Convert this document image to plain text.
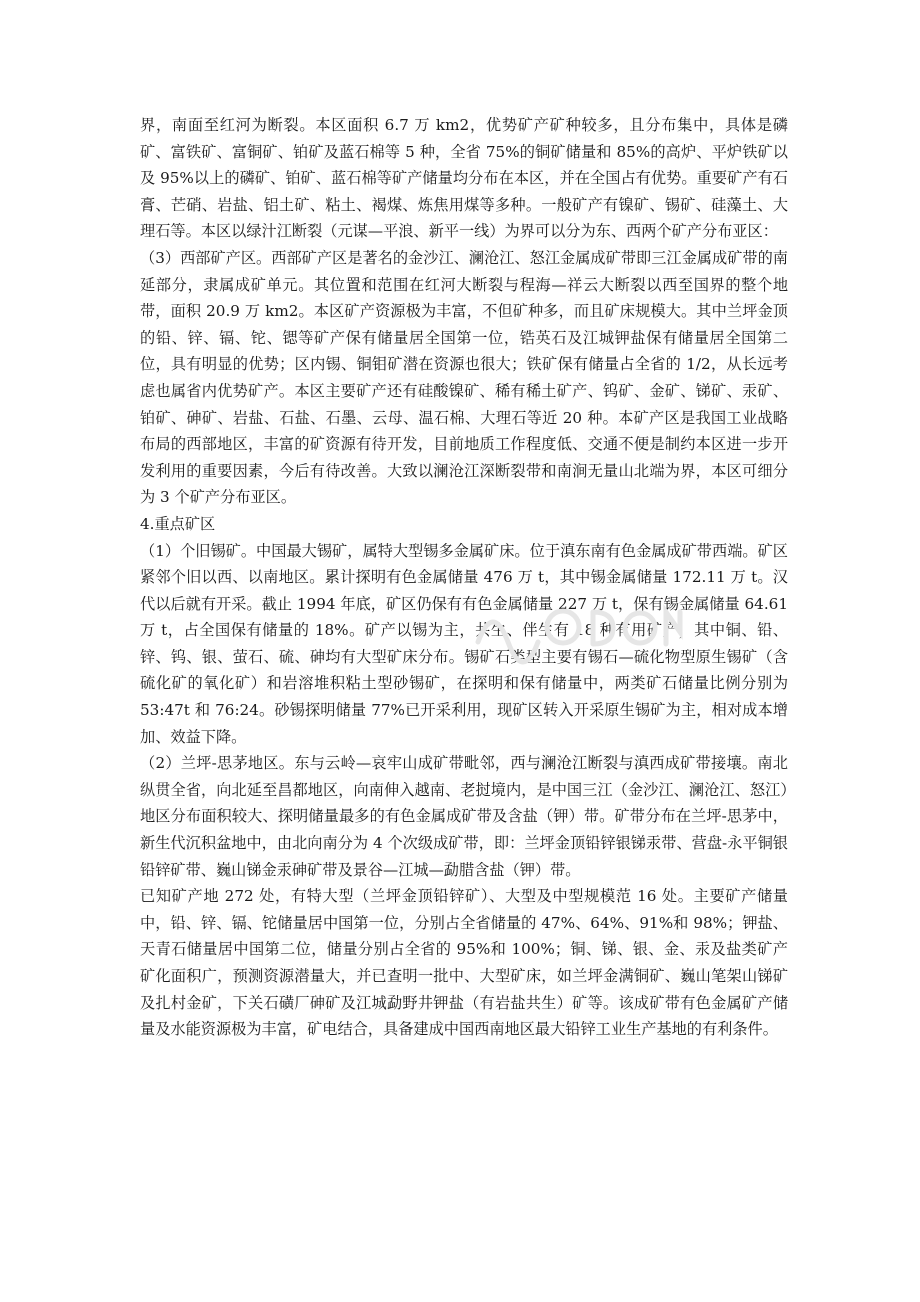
界，南面至红河为断裂。本区面积 6.7 万 km2，优势矿产矿种较多，且分布集中，具体是磷矿、富铁矿、富铜矿、铂矿及蓝石棉等 5 种，全省 75%的铜矿储量和 85%的高炉、平炉铁矿以及 95%以上的磷矿、铂矿、蓝石棉等矿产储量均分布在本区，并在全国占有优势。重要矿产有石膏、芒硝、岩盐、铝土矿、粘土、褐煤、炼焦用煤等多种。一般矿产有镍矿、锡矿、硅藻土、大理石等。本区以绿汁江断裂（元谋—平浪、新平一线）为界可以分为东、西两个矿产分布亚区：

（3）西部矿产区。西部矿产区是著名的金沙江、澜沧江、怒江金属成矿带即三江金属成矿带的南延部分，隶属成矿单元。其位置和范围在红河大断裂与程海—祥云大断裂以西至国界的整个地带，面积 20.9 万 km2。本区矿产资源极为丰富，不但矿种多，而且矿床规模大。其中兰坪金顶的铅、锌、镉、铊、锶等矿产保有储量居全国第一位，锆英石及江城钾盐保有储量居全国第二位，具有明显的优势；区内锡、铜钼矿潜在资源也很大；铁矿保有储量占全省的 1/2，从长远考虑也属省内优势矿产。本区主要矿产还有硅酸镍矿、稀有稀土矿产、钨矿、金矿、锑矿、汞矿、铂矿、砷矿、岩盐、石盐、石墨、云母、温石棉、大理石等近 20 种。本矿产区是我国工业战略布局的西部地区，丰富的矿资源有待开发，目前地质工作程度低、交通不便是制约本区进一步开发利用的重要因素，今后有待改善。大致以澜沧江深断裂带和南涧无量山北端为界，本区可细分为 3 个矿产分布亚区。

4.重点矿区

（1）个旧锡矿。中国最大锡矿，属特大型锡多金属矿床。位于滇东南有色金属成矿带西端。矿区紧邻个旧以西、以南地区。累计探明有色金属储量 476 万 t，其中锡金属储量 172.11 万 t。汉代以后就有开采。截止 1994 年底，矿区仍保有有色金属储量 227 万 t，保有锡金属储量 64.61 万 t，占全国保有储量的 18%。矿产以锡为主，共生、伴生有 18 种有用矿产，其中铜、铅、锌、钨、银、萤石、硫、砷均有大型矿床分布。锡矿石类型主要有锡石—硫化物型原生锡矿（含硫化矿的氧化矿）和岩溶堆积粘土型砂锡矿，在探明和保有储量中，两类矿石储量比例分别为 53:47t 和 76:24。砂锡探明储量 77%已开采利用，现矿区转入开采原生锡矿为主，相对成本增加、效益下降。

（2）兰坪-思茅地区。东与云岭—哀牢山成矿带毗邻，西与澜沧江断裂与滇西成矿带接壤。南北纵贯全省，向北延至昌都地区，向南伸入越南、老挝境内，是中国三江（金沙江、澜沧江、怒江）地区分布面积较大、探明储量最多的有色金属成矿带及含盐（钾）带。矿带分布在兰坪-思茅中，新生代沉积盆地中，由北向南分为 4 个次级成矿带，即：兰坪金顶铅锌银锑汞带、营盘-永平铜银铅锌矿带、巍山锑金汞砷矿带及景谷—江城—勐腊含盐（钾）带。

已知矿产地 272 处，有特大型（兰坪金顶铅锌矿）、大型及中型规模范 16 处。主要矿产储量中，铅、锌、镉、铊储量居中国第一位，分别占全省储量的 47%、64%、91%和 98%；钾盐、天青石储量居中国第二位，储量分别占全省的 95%和 100%；铜、锑、银、金、汞及盐类矿产矿化面积广，预测资源潜量大，并已查明一批中、大型矿床，如兰坪金满铜矿、巍山笔架山锑矿及扎村金矿，下关石磺厂砷矿及江城勐野井钾盐（有岩盐共生）矿等。该成矿带有色金属矿产储量及水能资源极为丰富，矿电结合，具备建成中国西南地区最大铅锌工业生产基地的有利条件。
